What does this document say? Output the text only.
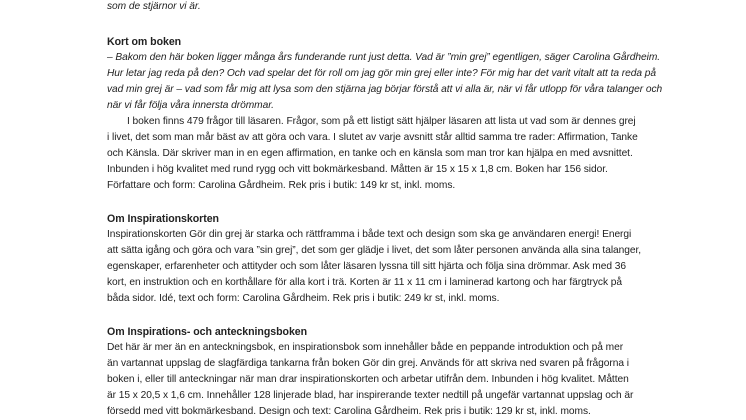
som de stjärnor vi är.
Kort om boken
– Bakom den här boken ligger många års funderande runt just detta. Vad är ”min grej” egentligen, säger Carolina Gårdheim.
Hur letar jag reda på den? Och vad spelar det för roll om jag gör min grej eller inte? För mig har det varit vitalt att ta reda på
vad min grej är – vad som får mig att lysa som den stjärna jag börjar förstå att vi alla är, när vi får utlopp för våra talanger och
när vi får följa våra innersta drömmar.
I boken finns 479 frågor till läsaren. Frågor, som på ett listigt sätt hjälper läsaren att lista ut vad som är dennes grej
i livet, det som man mår bäst av att göra och vara. I slutet av varje avsnitt står alltid samma tre rader: Affirmation, Tanke
och Känsla. Där skriver man in en egen affirmation, en tanke och en känsla som man tror kan hjälpa en med avsnittet.
Inbunden i hög kvalitet med rund rygg och vitt bokmärkesband. Måtten är 15 x 15 x 1,8 cm. Boken har 156 sidor.
Författare och form: Carolina Gårdheim. Rek pris i butik: 149 kr st, inkl. moms.
Om Inspirationskorten
Inspirationskorten Gör din grej är starka och rättframma i både text och design som ska ge användaren energi! Energi
att sätta igång och göra och vara ”sin grej”, det som ger glädje i livet, det som låter personen använda alla sina talanger,
egenskaper, erfarenheter och attityder och som låter läsaren lyssna till sitt hjärta och följa sina drömmar. Ask med 36
kort, en instruktion och en korthållare för alla kort i trä. Korten är 11 x 11 cm i laminerad kartong och har färgtryck på
båda sidor. Idé, text och form: Carolina Gårdheim. Rek pris i butik: 249 kr st, inkl. moms.
Om Inspirations- och anteckningsboken
Det här är mer än en anteckningsbok, en inspirationsbok som innehåller både en peppande introduktion och på mer
än vartannat uppslag de slagfärdiga tankarna från boken Gör din grej. Används för att skriva ned svaren på frågorna i
boken i, eller till anteckningar när man drar inspirationskorten och arbetar utifrån dem. Inbunden i hög kvalitet. Måtten
är 15 x 20,5 x 1,6 cm. Innehåller 128 linjerade blad, har inspirerande texter nedtill på ungefär vartannat uppslag och är
försedd med vitt bokmärkesband. Design och text: Carolina Gårdheim. Rek pris i butik: 129 kr st, inkl. moms.
